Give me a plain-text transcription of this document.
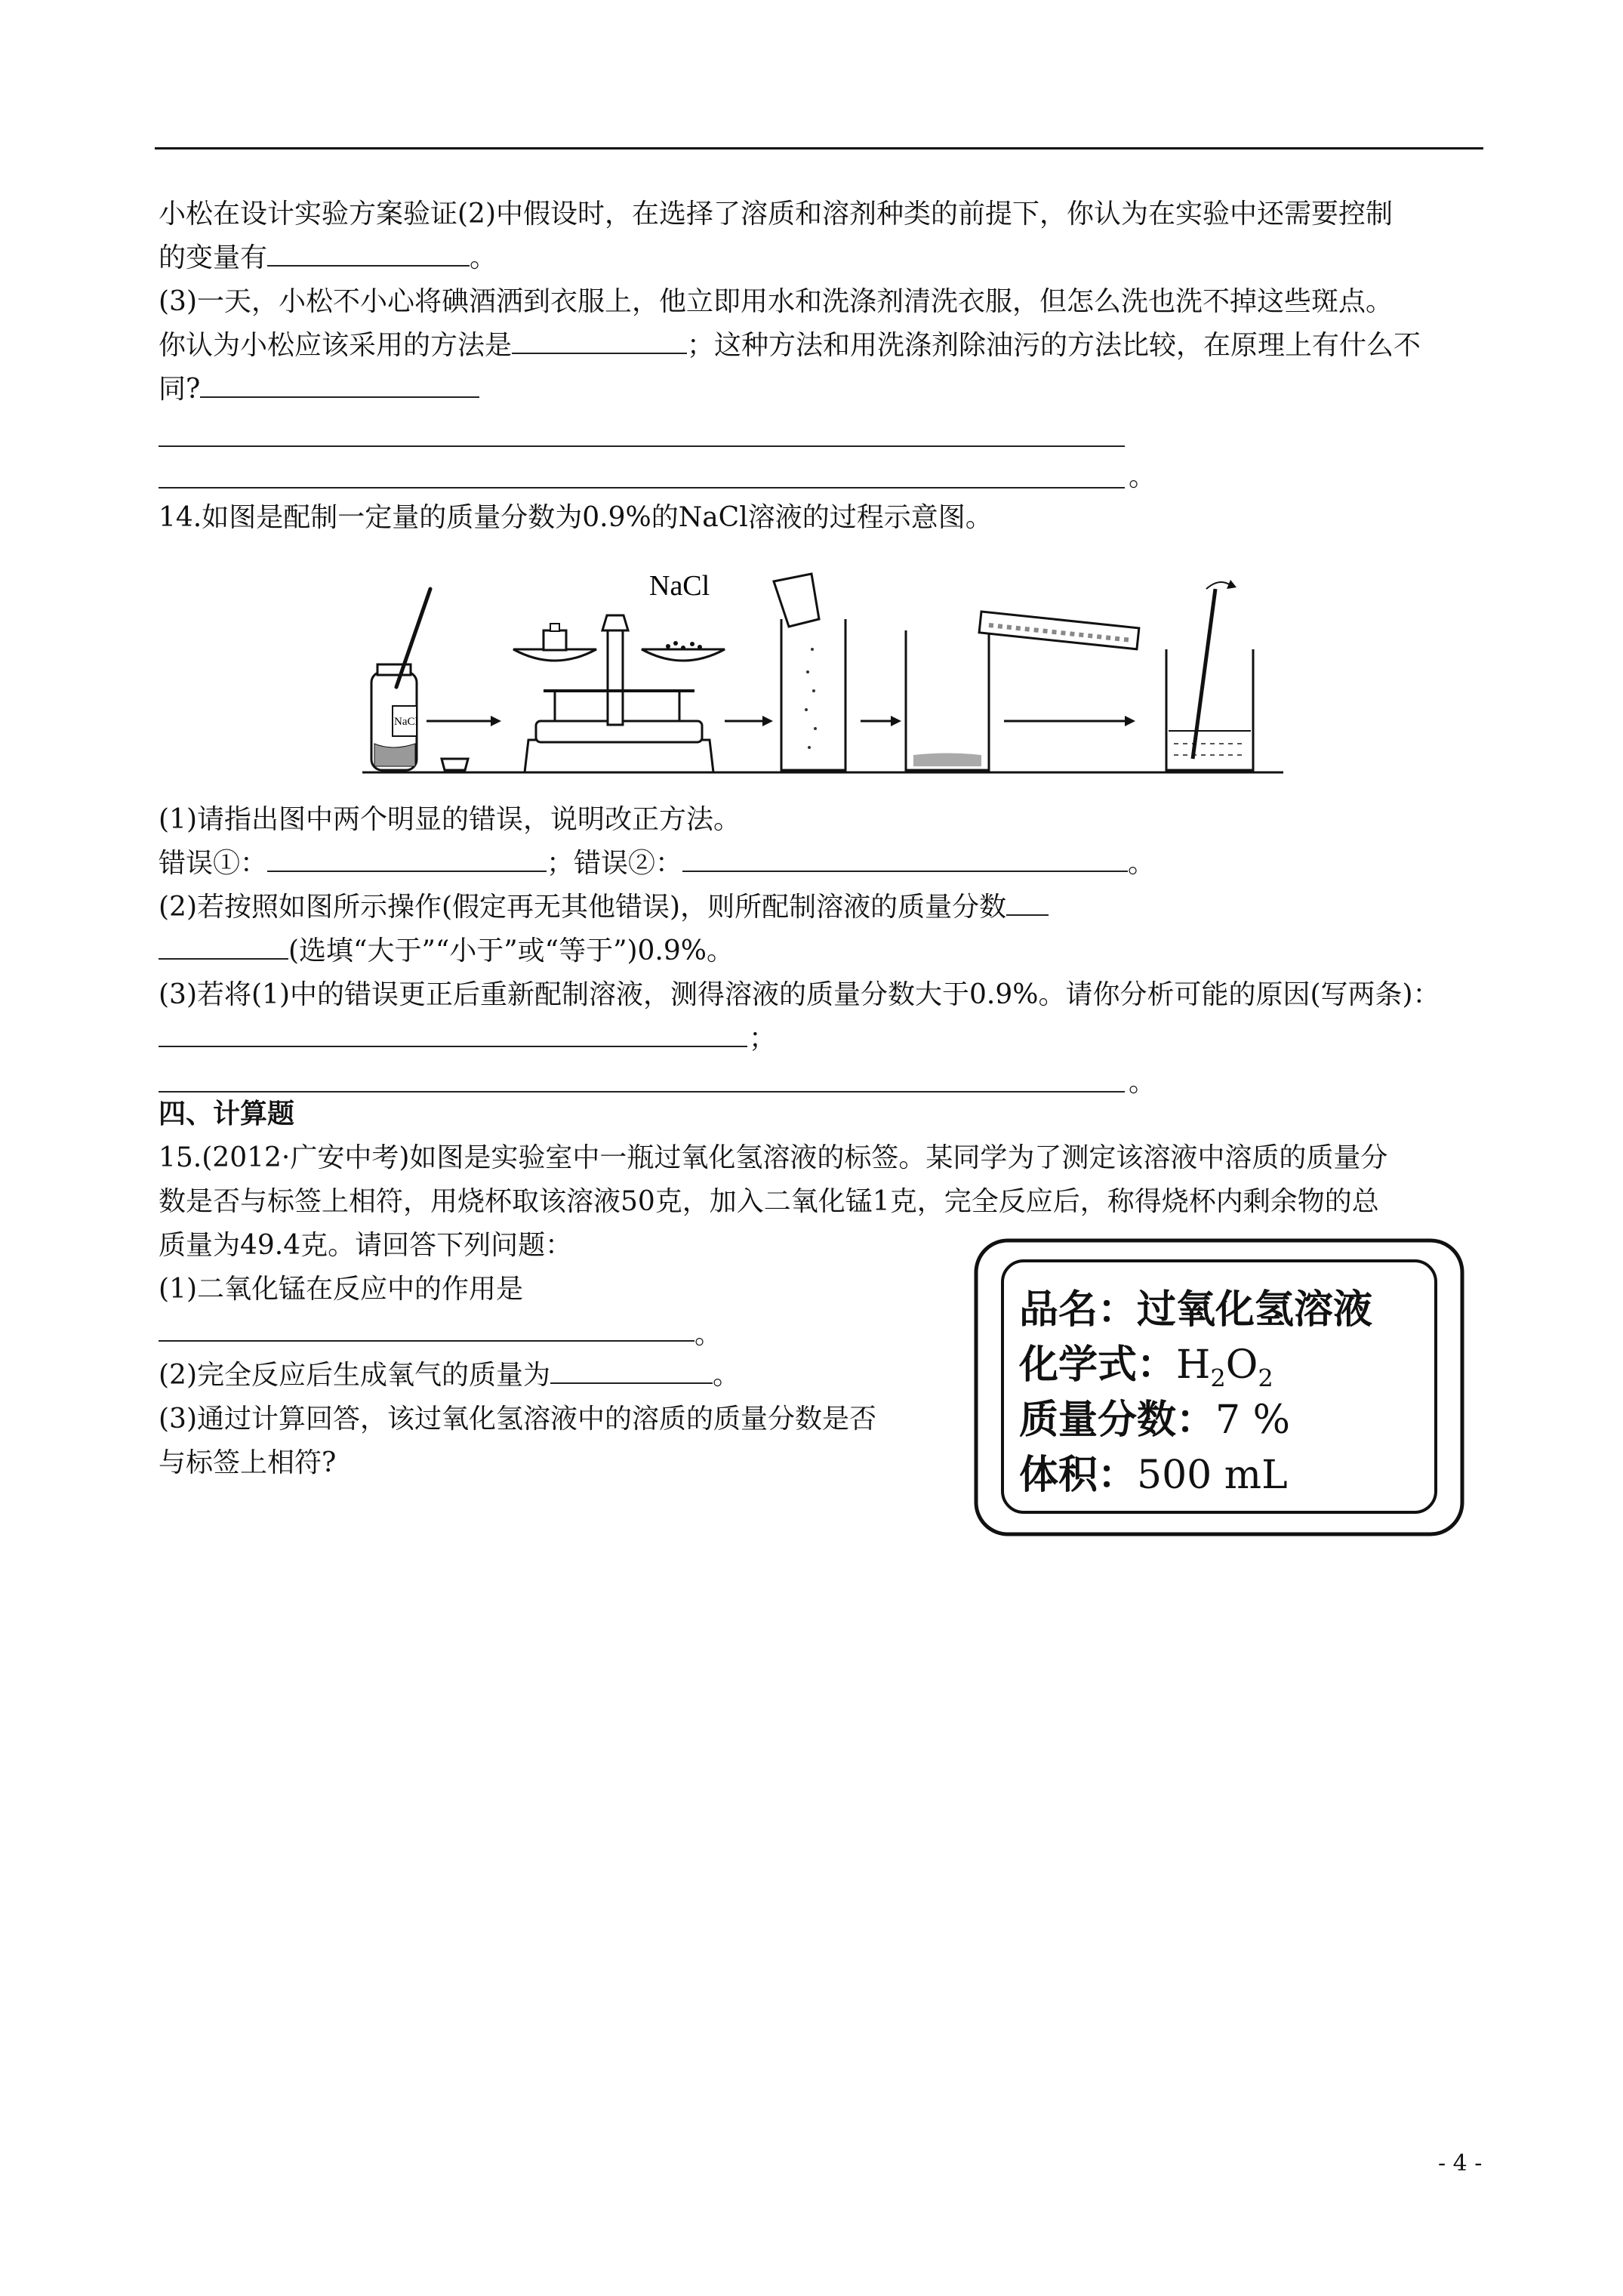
小松在设计实验方案验证(2)中假设时，在选择了溶质和溶剂种类的前提下，你认为在实验中还需要控制
的变量有	。
(3)一天，小松不小心将碘酒洒到衣服上，他立即用水和洗涤剂清洗衣服，但怎么洗也洗不掉这些斑点。
你认为小松应该采用的方法是	；这种方法和用洗涤剂除油污的方法比较，在原理上有什么不
同?
。
14.如图是配制一定量的质量分数为0.9%的NaCl溶液的过程示意图。
NaCl
NaCl
(1)请指出图中两个明显的错误，说明改正方法。
错误①：	；错误②：	。
(2)若按照如图所示操作(假定再无其他错误)，则所配制溶液的质量分数
(选填“大于”“小于”或“等于”)0.9%。
(3)若将(1)中的错误更正后重新配制溶液，测得溶液的质量分数大于0.9%。请你分析可能的原因(写两条)：
；
。
四、计算题
15.(2012·广安中考)如图是实验室中一瓶过氧化氢溶液的标签。某同学为了测定该溶液中溶质的质量分
数是否与标签上相符，用烧杯取该溶液50克，加入二氧化锰1克，完全反应后，称得烧杯内剩余物的总
质量为49.4克。请回答下列问题：
(1)二氧化锰在反应中的作用是
。
(2)完全反应后生成氧气的质量为	。
(3)通过计算回答，该过氧化氢溶液中的溶质的质量分数是否
与标签上相符?
品名：过氧化氢溶液
化学式：$H_2O_2$
质量分数：7 %
体积：500 mL
- 4 -
